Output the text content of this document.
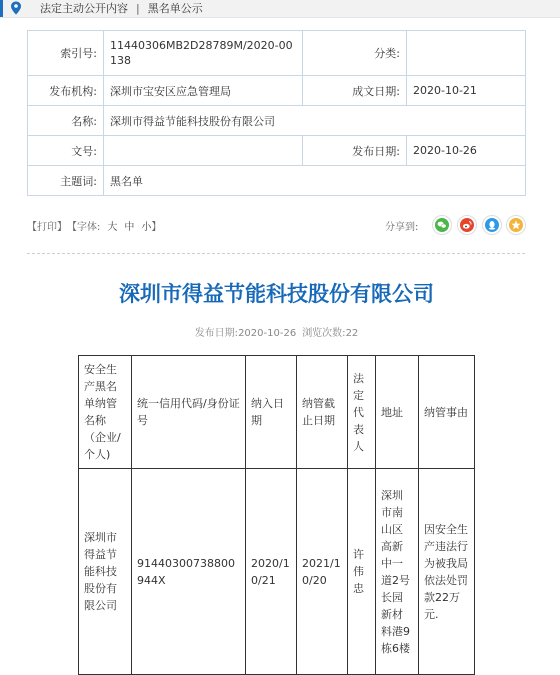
法定主动公开内容 | 黑名单公示
索引号:	11440306MB2D28789M/2020-00138	分类:	
发布机构:	深圳市宝安区应急管理局	成文日期:	2020-10-21
名称:	深圳市得益节能科技股份有限公司		
文号:		发布日期:	2020-10-26
主题词:	黑名单		
【打印】 【字体: 大 中 小】	分享到:
深圳市得益节能科技股份有限公司
发布日期:2020-10-26 浏览次数:22
安全生产黑名单纳管名称（企业/个人)	统一信用代码/身份证号	纳入日期	纳管截止日期	法定代表人	地址	纳管事由
深圳市得益节能科技股份有限公司	91440300738800944X	2020/10/21	2021/10/20	许伟忠	深圳市南山区高新中一道2号长园新材料港9栋6楼	因安全生产违法行为被我局依法处罚款22万元.
